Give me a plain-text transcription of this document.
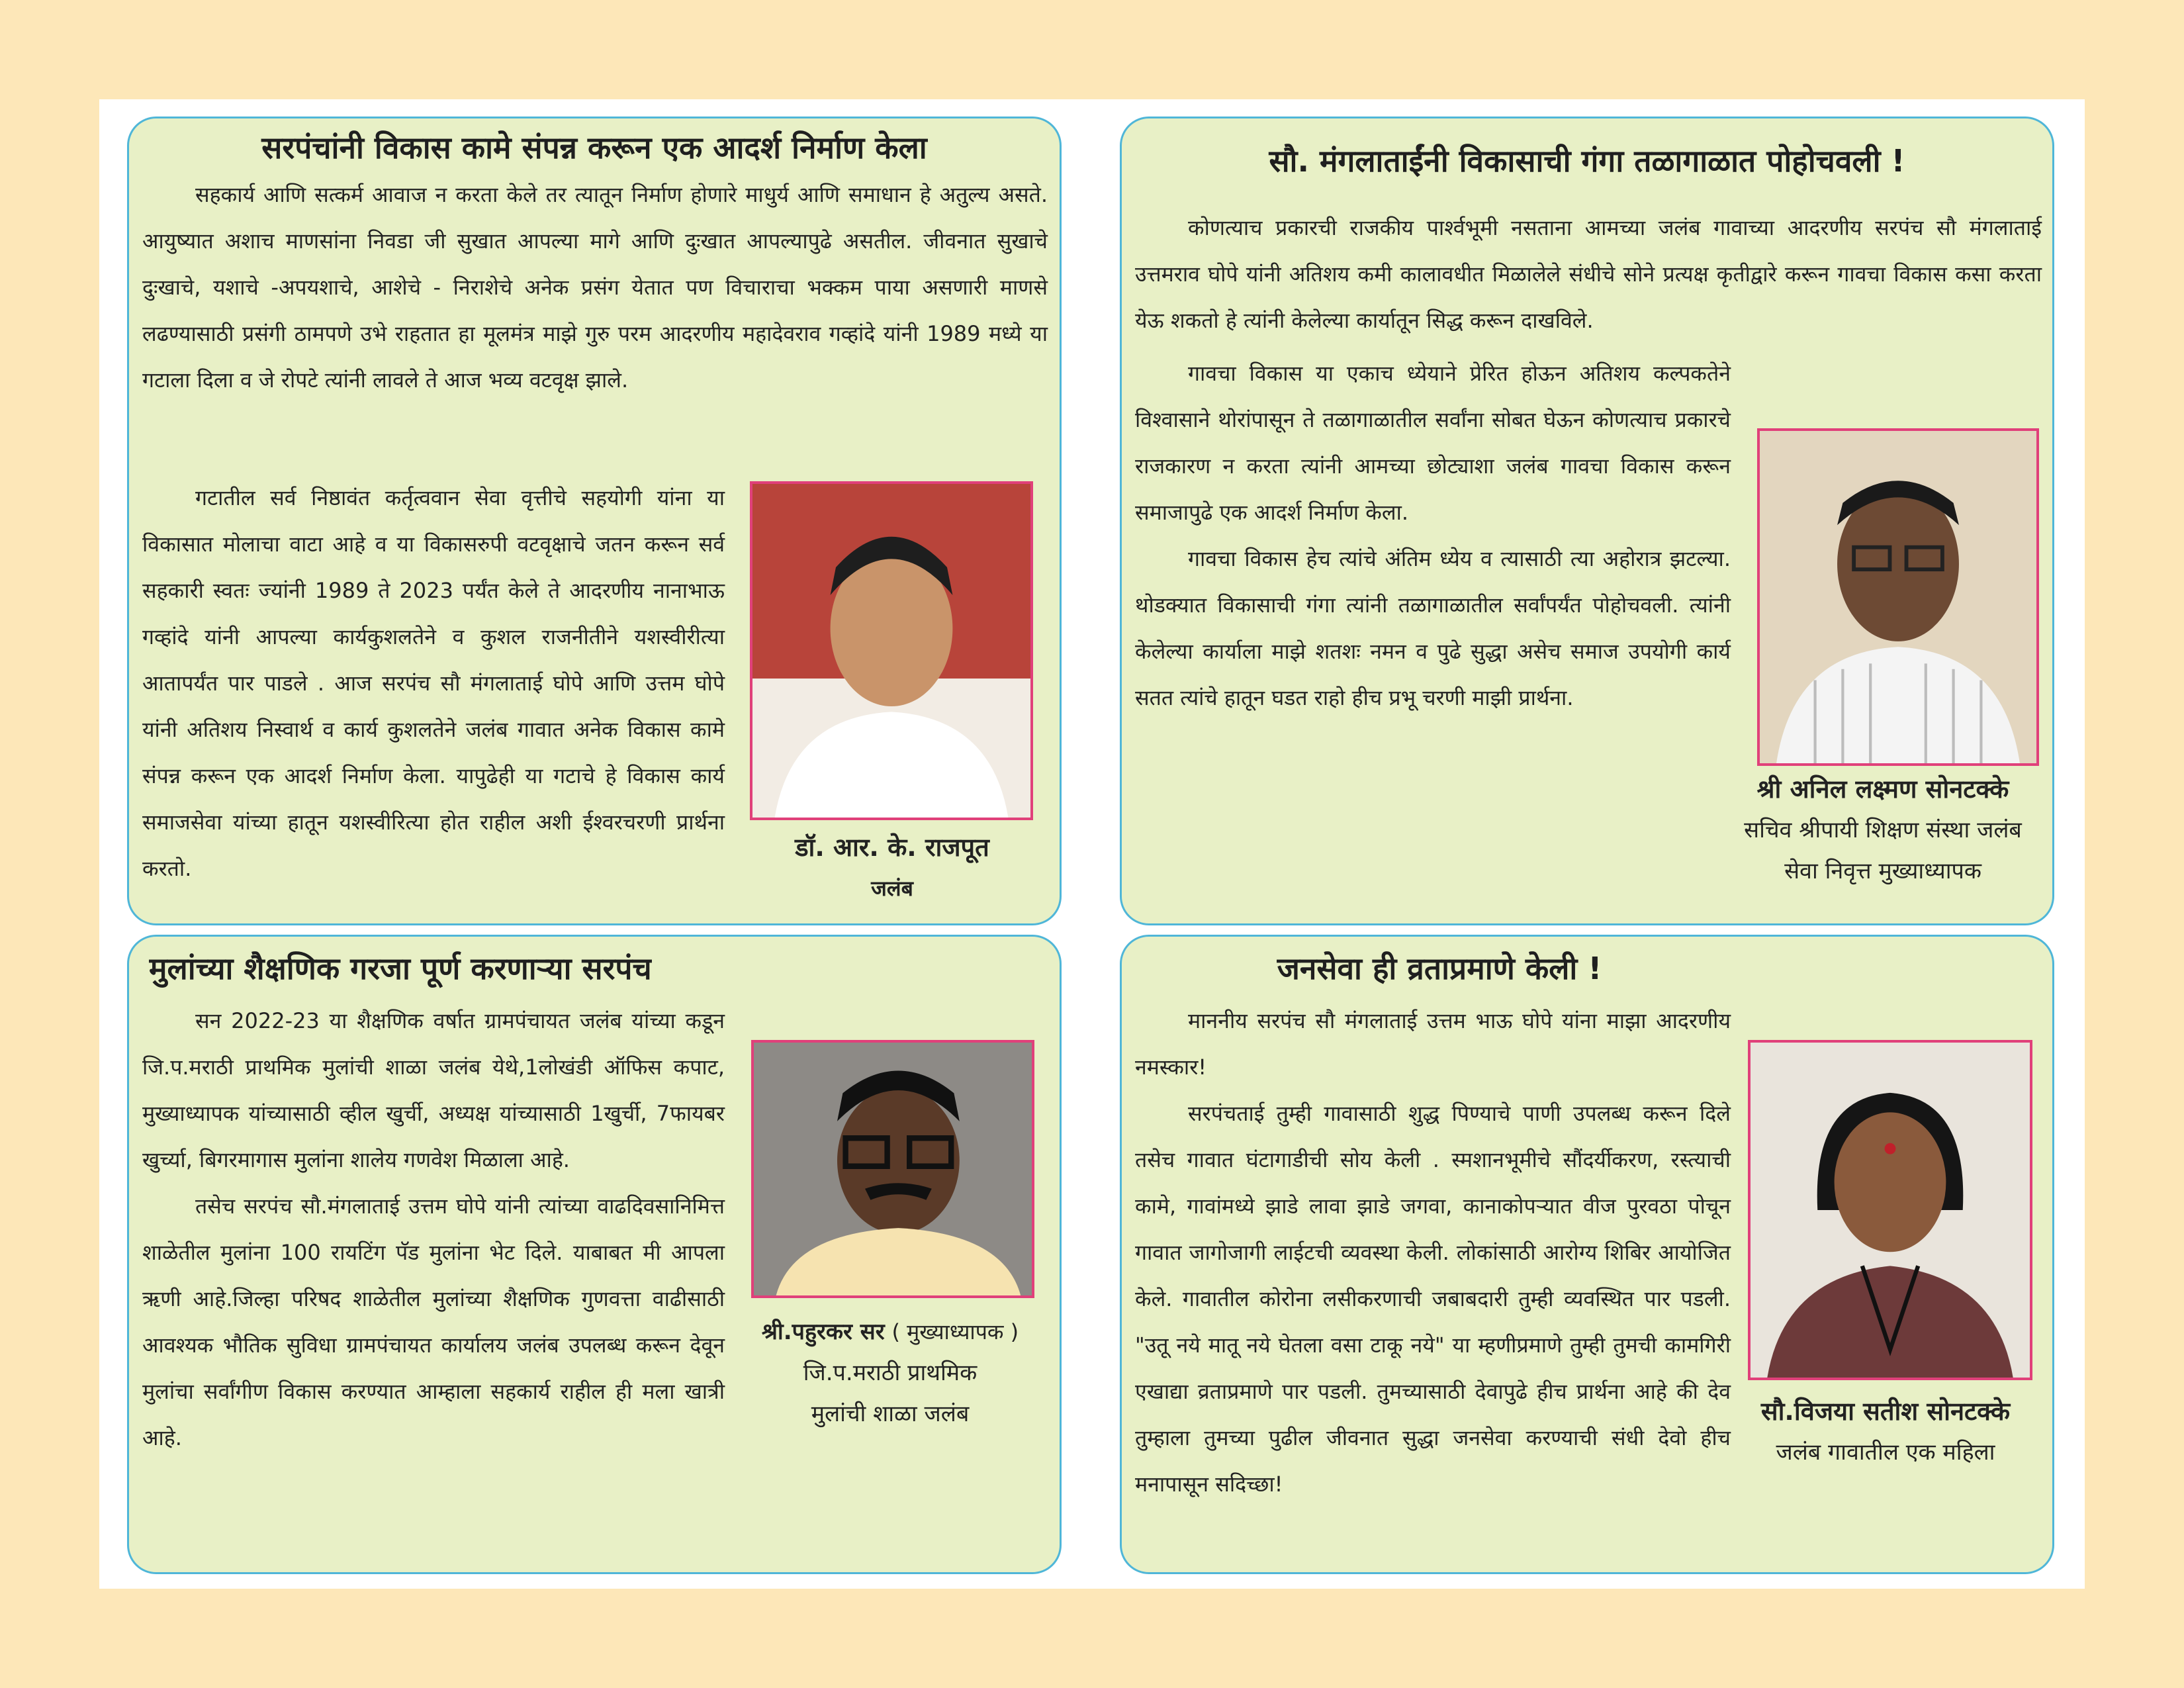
सरपंचांनी विकास कामे संपन्न करून एक आदर्श निर्माण केला

सहकार्य आणि सत्कर्म आवाज न करता केले तर त्यातून निर्माण होणारे माधुर्य आणि समाधान हे अतुल्य असते. आयुष्यात अशाच माणसांना निवडा जी सुखात आपल्या मागे आणि दुःखात आपल्यापुढे असतील. जीवनात सुखाचे दुःखाचे, यशाचे -अपयशाचे, आशेचे - निराशेचे अनेक प्रसंग येतात पण विचाराचा भक्कम पाया असणारी माणसे लढण्यासाठी प्रसंगी ठामपणे उभे राहतात हा मूलमंत्र माझे गुरु परम आदरणीय महादेवराव गव्हांदे यांनी 1989 मध्ये या गटाला दिला व जे रोपटे त्यांनी लावले ते आज भव्य वटवृक्ष झाले.

गटातील सर्व निष्ठावंत कर्तृत्ववान सेवा वृत्तीचे सहयोगी यांना या विकासात मोलाचा वाटा आहे व या विकासरुपी वटवृक्षाचे जतन करून सर्व सहकारी स्वतः ज्यांनी 1989 ते 2023 पर्यंत केले ते आदरणीय नानाभाऊ गव्हांदे यांनी आपल्या कार्यकुशलतेने व कुशल राजनीतीने यशस्वीरीत्या आतापर्यंत पार पाडले . आज सरपंच सौ मंगलाताई घोपे आणि उत्तम घोपे यांनी अतिशय निस्वार्थ व कार्य कुशलतेने जलंब गावात अनेक विकास कामे संपन्न करून एक आदर्श निर्माण केला. यापुढेही या गटाचे हे विकास कार्य समाजसेवा यांच्या हातून यशस्वीरित्या होत राहील अशी ईश्वरचरणी प्रार्थना करतो.

डॉ. आर. के. राजपूत
जलंब
सौ. मंगलाताईंनी विकासाची गंगा तळागाळात पोहोचवली !

कोणत्याच प्रकारची राजकीय पार्श्वभूमी नसताना आमच्या जलंब गावाच्या आदरणीय सरपंच सौ मंगलाताई उत्तमराव घोपे यांनी अतिशय कमी कालावधीत मिळालेले संधीचे सोने प्रत्यक्ष कृतीद्वारे करून गावचा विकास कसा करता येऊ शकतो हे त्यांनी केलेल्या कार्यातून सिद्ध करून दाखविले.

गावचा विकास या एकाच ध्येयाने प्रेरित होऊन अतिशय कल्पकतेने विश्वासाने थोरांपासून ते तळागाळातील सर्वांना सोबत घेऊन कोणत्याच प्रकारचे राजकारण न करता त्यांनी आमच्या छोट्याशा जलंब गावचा विकास करून समाजापुढे एक आदर्श निर्माण केला.

गावचा विकास हेच त्यांचे अंतिम ध्येय व त्यासाठी त्या अहोरात्र झटल्या. थोडक्यात विकासाची गंगा त्यांनी तळागाळातील सर्वांपर्यंत पोहोचवली. त्यांनी केलेल्या कार्याला माझे शतशः नमन व पुढे सुद्धा असेच समाज उपयोगी कार्य सतत त्यांचे हातून घडत राहो हीच प्रभू चरणी माझी प्रार्थना.

श्री अनिल लक्ष्मण सोनटक्के
सचिव श्रीपायी शिक्षण संस्था जलंब
सेवा निवृत्त मुख्याध्यापक
मुलांच्या शैक्षणिक गरजा पूर्ण करणाऱ्या सरपंच

सन 2022-23 या शैक्षणिक वर्षात ग्रामपंचायत जलंब यांच्या कडून जि.प.मराठी प्राथमिक मुलांची शाळा जलंब येथे,1लोखंडी ऑफिस कपाट, मुख्याध्यापक यांच्यासाठी व्हील खुर्ची, अध्यक्ष यांच्यासाठी 1खुर्ची, 7फायबर खुर्च्या, बिगरमागास मुलांना शालेय गणवेश मिळाला आहे.

तसेच सरपंच सौ.मंगलाताई उत्तम घोपे यांनी त्यांच्या वाढदिवसानिमित्त शाळेतील मुलांना 100 रायटिंग पॅड मुलांना भेट दिले. याबाबत मी आपला ऋणी आहे.जिल्हा परिषद शाळेतील मुलांच्या शैक्षणिक गुणवत्ता वाढीसाठी आवश्यक भौतिक सुविधा ग्रामपंचायत कार्यालय जलंब उपलब्ध करून देवून मुलांचा सर्वांगीण विकास करण्यात आम्हाला सहकार्य राहील ही मला खात्री आहे.

श्री.पहुरकर सर ( मुख्याध्यापक )
जि.प.मराठी प्राथमिक
मुलांची शाळा जलंब
जनसेवा ही व्रताप्रमाणे केली !

माननीय सरपंच सौ मंगलाताई उत्तम भाऊ घोपे यांना माझा आदरणीय नमस्कार!

सरपंचताई तुम्ही गावासाठी शुद्ध पिण्याचे पाणी उपलब्ध करून दिले तसेच गावात घंटागाडीची सोय केली . स्मशानभूमीचे सौंदर्यीकरण, रस्त्याची कामे, गावांमध्ये झाडे लावा झाडे जगवा, कानाकोपऱ्यात वीज पुरवठा पोचून गावात जागोजागी लाईटची व्यवस्था केली. लोकांसाठी आरोग्य शिबिर आयोजित केले. गावातील कोरोना लसीकरणाची जबाबदारी तुम्ही व्यवस्थित पार पडली. "उतू नये मातू नये घेतला वसा टाकू नये" या म्हणीप्रमाणे तुम्ही तुमची कामगिरी एखाद्या व्रताप्रमाणे पार पडली. तुमच्यासाठी देवापुढे हीच प्रार्थना आहे की देव तुम्हाला तुमच्या पुढील जीवनात सुद्धा जनसेवा करण्याची संधी देवो हीच मनापासून सदिच्छा!

सौ.विजया सतीश सोनटक्के
जलंब गावातील एक महिला
